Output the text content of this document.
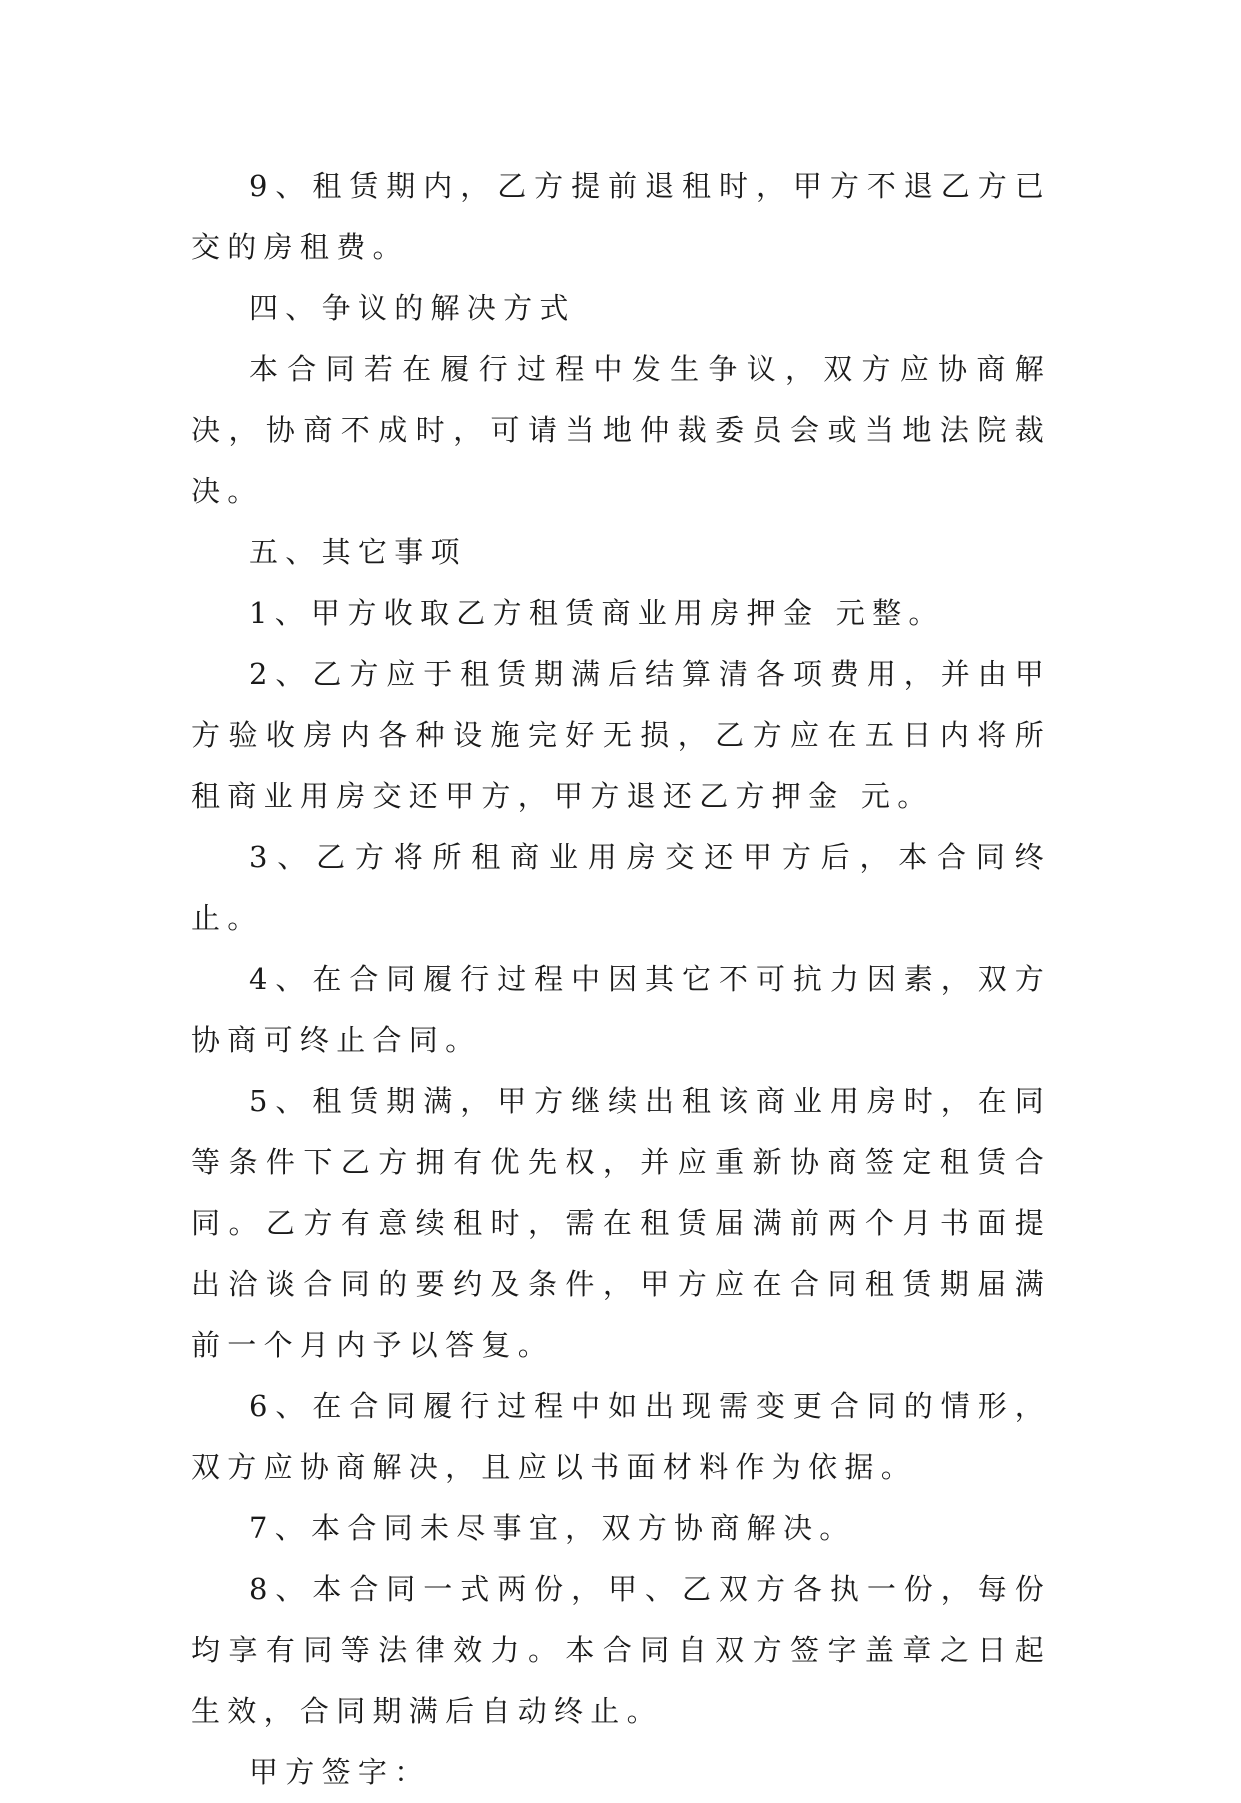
9、租赁期内，乙方提前退租时，甲方不退乙方已交的房租费。

四、争议的解决方式

本合同若在履行过程中发生争议，双方应协商解决，协商不成时，可请当地仲裁委员会或当地法院裁决。

五、其它事项

1、甲方收取乙方租赁商业用房押金 元整。

2、乙方应于租赁期满后结算清各项费用，并由甲方验收房内各种设施完好无损，乙方应在五日内将所租商业用房交还甲方，甲方退还乙方押金 元。

3、乙方将所租商业用房交还甲方后，本合同终止。

4、在合同履行过程中因其它不可抗力因素，双方协商可终止合同。

5、租赁期满，甲方继续出租该商业用房时，在同等条件下乙方拥有优先权，并应重新协商签定租赁合同。乙方有意续租时，需在租赁届满前两个月书面提出洽谈合同的要约及条件，甲方应在合同租赁期届满前一个月内予以答复。

6、在合同履行过程中如出现需变更合同的情形，双方应协商解决，且应以书面材料作为依据。

7、本合同未尽事宜，双方协商解决。

8、本合同一式两份，甲、乙双方各执一份，每份均享有同等法律效力。本合同自双方签字盖章之日起生效，合同期满后自动终止。

甲方签字：
